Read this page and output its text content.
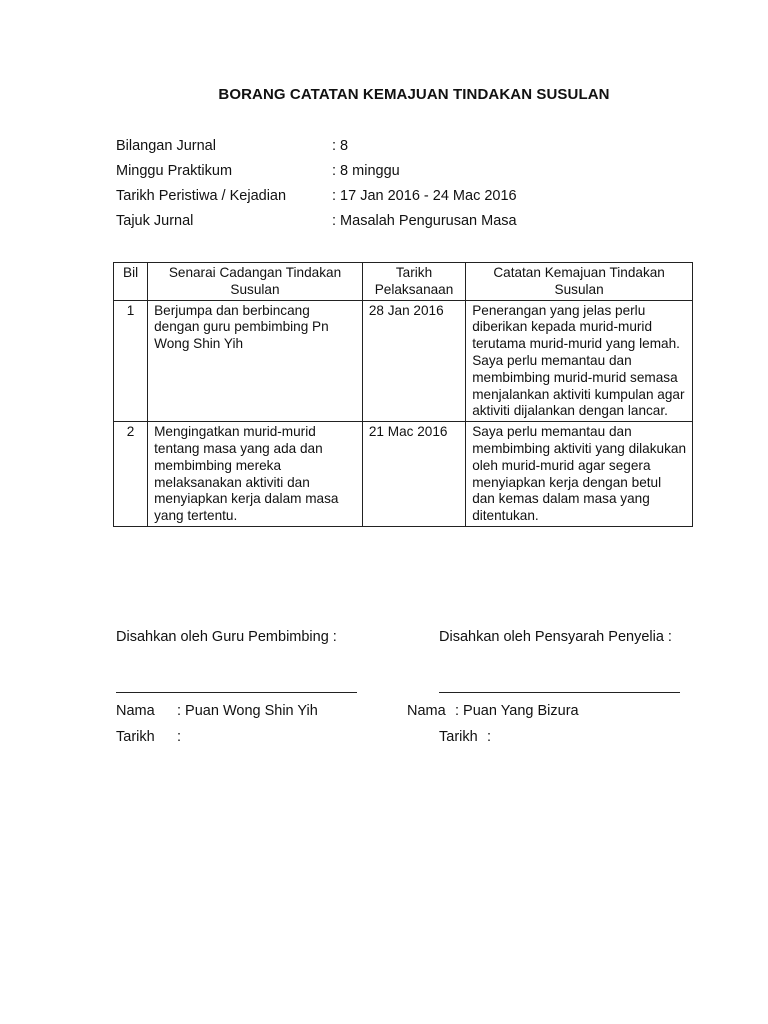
BORANG CATATAN KEMAJUAN TINDAKAN SUSULAN
Bilangan Jurnal	: 8
Minggu Praktikum	: 8 minggu
Tarikh Peristiwa / Kejadian	: 17 Jan 2016 - 24 Mac 2016
Tajuk Jurnal	: Masalah Pengurusan Masa
Bil	Senarai Cadangan Tindakan Susulan	Tarikh Pelaksanaan	Catatan Kemajuan Tindakan Susulan
1	Berjumpa dan berbincang dengan guru pembimbing Pn Wong Shin Yih	28 Jan 2016	Penerangan yang jelas perlu diberikan kepada murid-murid terutama murid-murid yang lemah. Saya perlu memantau dan membimbing murid-murid semasa menjalankan aktiviti kumpulan agar aktiviti dijalankan dengan lancar.
2	Mengingatkan murid-murid tentang masa yang ada dan membimbing mereka melaksanakan aktiviti dan menyiapkan kerja dalam masa yang tertentu.	21 Mac 2016	Saya perlu memantau dan membimbing aktiviti yang dilakukan oleh murid-murid agar segera menyiapkan kerja dengan betul dan kemas dalam masa yang ditentukan.
Disahkan oleh Guru Pembimbing :
Nama : Puan Wong Shin Yih
Tarikh :
Disahkan oleh Pensyarah Penyelia :
Nama : Puan Yang Bizura
Tarikh :
